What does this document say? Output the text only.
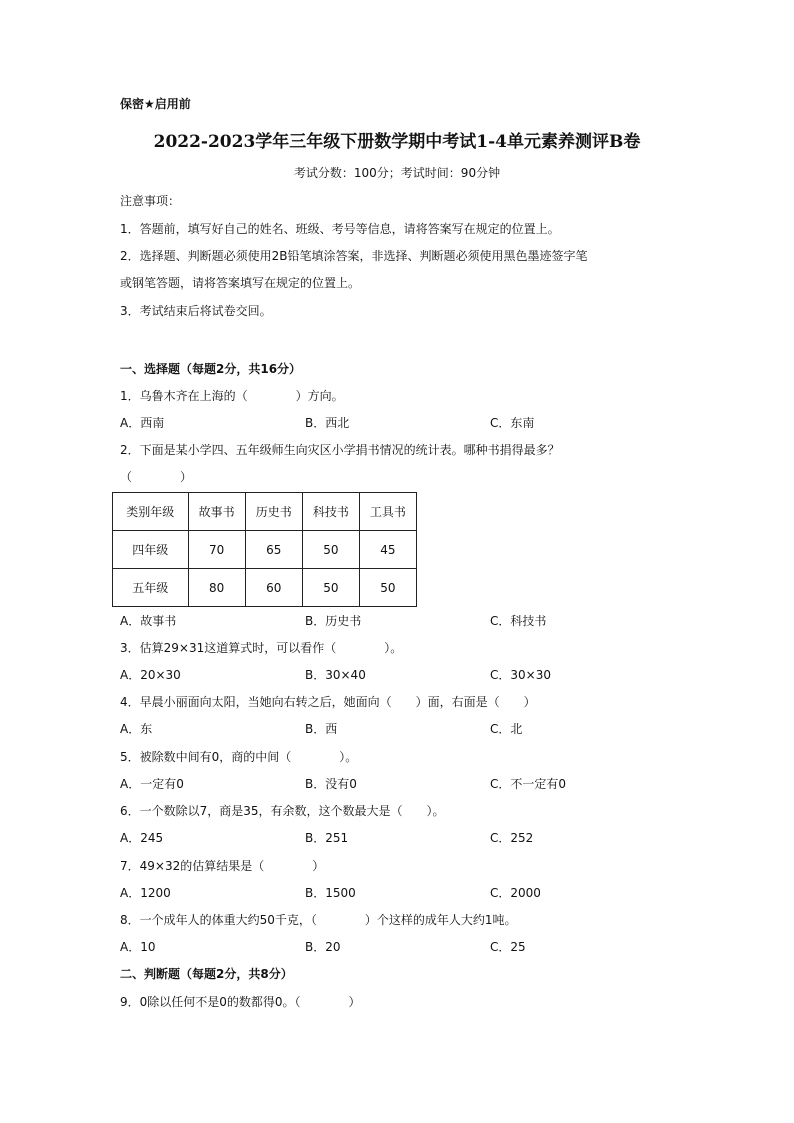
保密★启用前
2022-2023学年三年级下册数学期中考试1-4单元素养测评B卷
考试分数：100分；考试时间：90分钟
注意事项：
1．答题前，填写好自己的姓名、班级、考号等信息，请将答案写在规定的位置上。
2．选择题、判断题必须使用2B铅笔填涂答案，非选择、判断题必须使用黑色墨迹签字笔
或钢笔答题，请将答案填写在规定的位置上。
3．考试结束后将试卷交回。
一、选择题（每题2分，共16分）
1．乌鲁木齐在上海的（　　　　）方向。
A．西南	B．西北	C．东南
2．下面是某小学四、五年级师生向灾区小学捐书情况的统计表。哪种书捐得最多？
（　　　　）
类别年级	故事书	历史书	科技书	工具书
四年级	70	65	50	45
五年级	80	60	50	50
A．故事书	B．历史书	C．科技书
3．估算29×31这道算式时，可以看作（　　　　）。
A．20×30	B．30×40	C．30×30
4．早晨小丽面向太阳，当她向右转之后，她面向（　　）面，右面是（　　）
A．东	B．西	C．北
5．被除数中间有0，商的中间（　　　　）。
A．一定有0	B．没有0	C．不一定有0
6．一个数除以7，商是35，有余数，这个数最大是（　　）。
A．245	B．251	C．252
7．49×32的估算结果是（　　　　）
A．1200	B．1500	C．2000
8．一个成年人的体重大约50千克，（　　　　）个这样的成年人大约1吨。
A．10	B．20	C．25
二、判断题（每题2分，共8分）
9．0除以任何不是0的数都得0。（　　　　）
